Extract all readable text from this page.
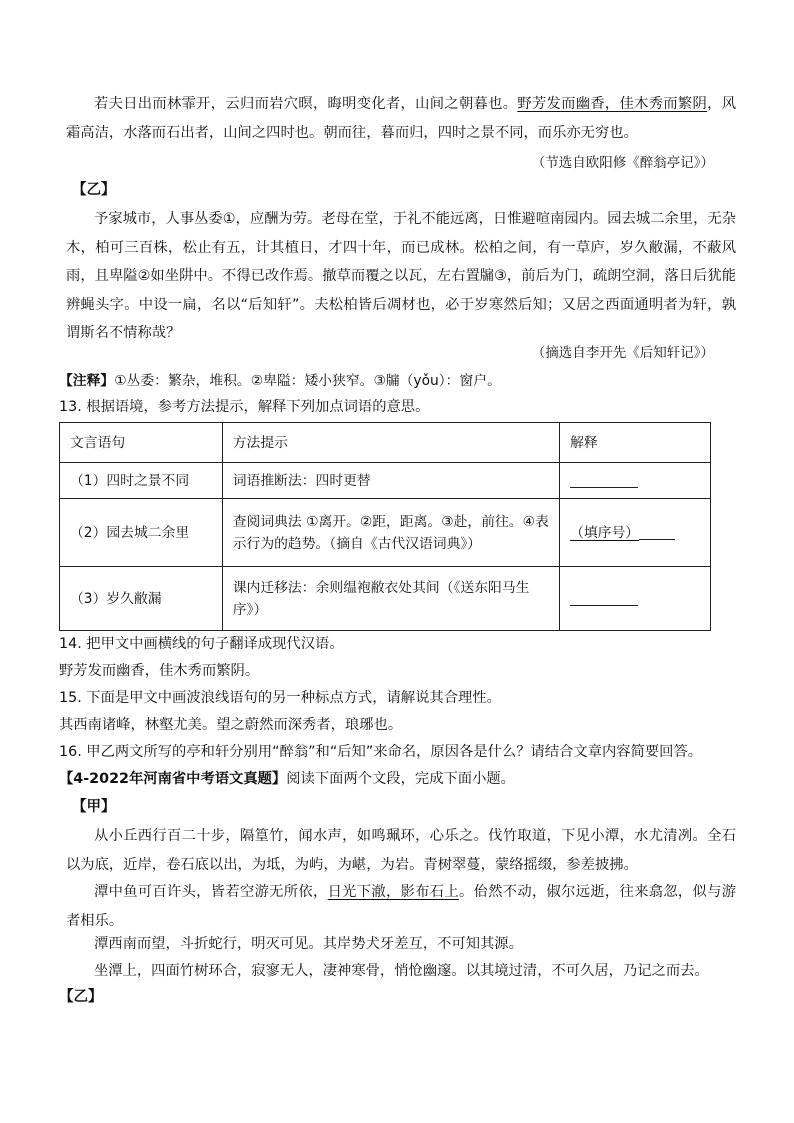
若夫日出而林霏开，云归而岩穴暝，晦明变化者，山间之朝暮也。野芳发而幽香，佳木秀而繁阴，风霜高洁，水落而石出者，山间之四时也。朝而往，暮而归，四时之景不同，而乐亦无穷也。
（节选自欧阳修《醉翁亭记》）
【乙】
予家城市，人事丛委①，应酬为劳。老母在堂，于礼不能远离，日惟避喧南园内。园去城二余里，无杂木，柏可三百株，松止有五，计其植日，才四十年，而已成林。松柏之间，有一草庐，岁久敝漏，不蔽风雨，且卑隘②如坐阱中。不得已改作焉。撤草而覆之以瓦，左右置牖③，前后为门，疏朗空洞，落日后犹能辨蝇头字。中设一扁，名以“后知轩”。夫松柏皆后凋材也，必于岁寒然后知；又居之西面通明者为轩，孰谓斯名不情称哉？
（摘选自李开先《后知轩记》）
【注释】①丛委：繁杂，堆积。②卑隘：矮小狭窄。③牖（yǒu）：窗户。
13. 根据语境，参考方法提示，解释下列加点词语的意思。
文言语句	方法提示	解释
（1）四时之景不同	词语推断法：四时更替	
（2）园去城二余里	查阅词典法 ①离开。②距，距离。③赴，前往。④表示行为的趋势。（摘自《古代汉语词典》）	（填序号）
（3）岁久敝漏	课内迁移法：余则缊袍敝衣处其间（《送东阳马生序》）	
14. 把甲文中画横线的句子翻译成现代汉语。
野芳发而幽香，佳木秀而繁阴。
15. 下面是甲文中画波浪线语句的另一种标点方式，请解说其合理性。
其西南诸峰，林壑尤美。望之蔚然而深秀者，琅琊也。
16. 甲乙两文所写的亭和轩分别用“醉翁”和“后知”来命名，原因各是什么？请结合文章内容简要回答。
【4-2022年河南省中考语文真题】阅读下面两个文段，完成下面小题。
【甲】
从小丘西行百二十步，隔篁竹，闻水声，如鸣珮环，心乐之。伐竹取道，下见小潭，水尤清冽。全石以为底，近岸，卷石底以出，为坻，为屿，为嵁，为岩。青树翠蔓，蒙络摇缀，参差披拂。
潭中鱼可百许头，皆若空游无所依，日光下澈，影布石上。佁然不动，俶尔远逝，往来翕忽，似与游者相乐。
潭西南而望，斗折蛇行，明灭可见。其岸势犬牙差互，不可知其源。
坐潭上，四面竹树环合，寂寥无人，凄神寒骨，悄怆幽邃。以其境过清，不可久居，乃记之而去。
【乙】
